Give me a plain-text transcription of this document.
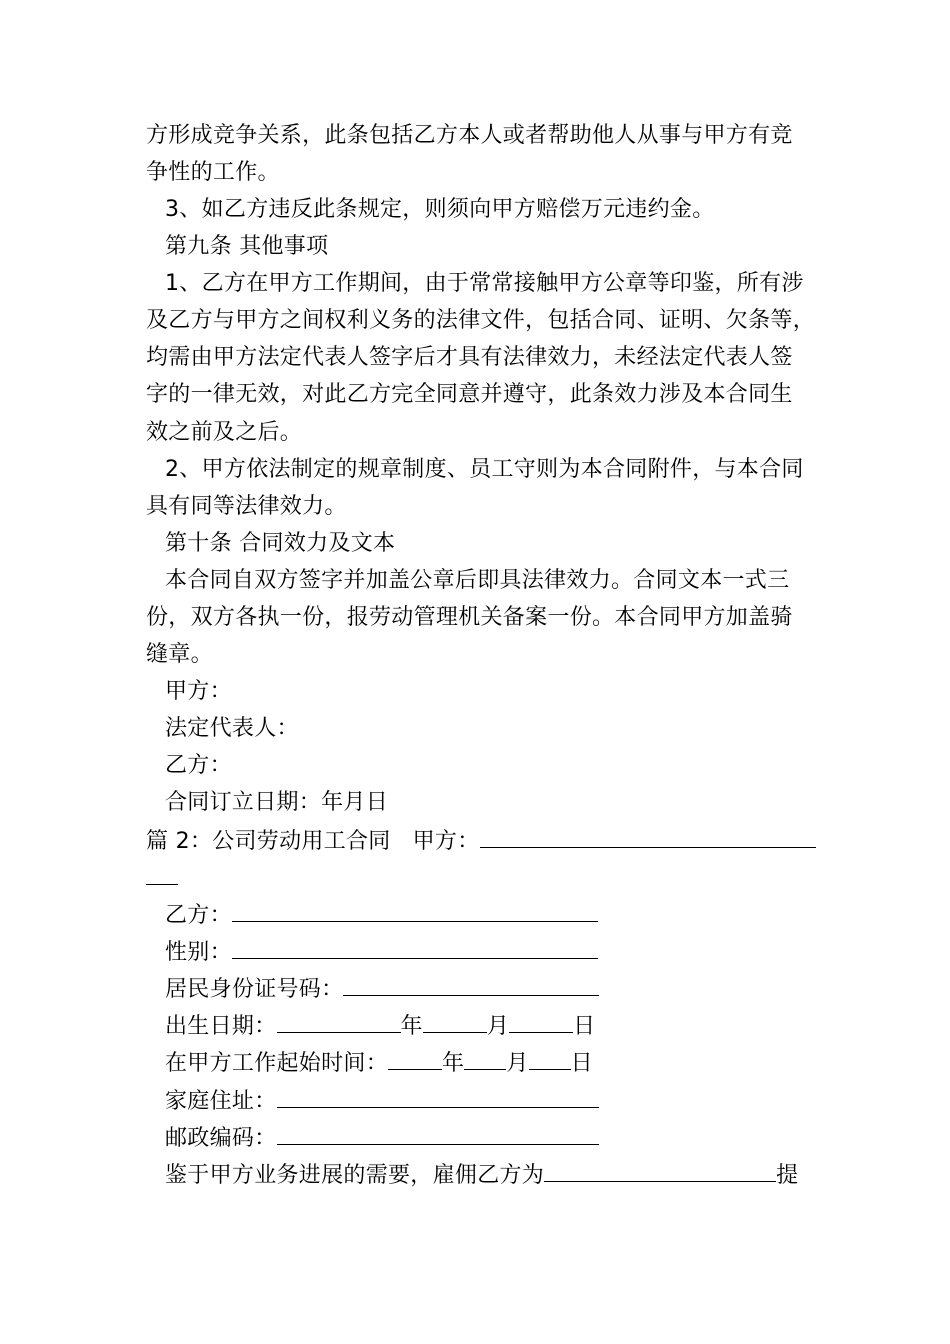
方形成竞争关系，此条包括乙方本人或者帮助他人从事与甲方有竞
争性的工作。
3、如乙方违反此条规定，则须向甲方赔偿万元违约金。
第九条 其他事项
1、乙方在甲方工作期间，由于常常接触甲方公章等印鉴，所有涉
及乙方与甲方之间权利义务的法律文件，包括合同、证明、欠条等，
均需由甲方法定代表人签字后才具有法律效力，未经法定代表人签
字的一律无效，对此乙方完全同意并遵守，此条效力涉及本合同生
效之前及之后。
2、甲方依法制定的规章制度、员工守则为本合同附件，与本合同
具有同等法律效力。
第十条 合同效力及文本
本合同自双方签字并加盖公章后即具法律效力。合同文本一式三
份，双方各执一份，报劳动管理机关备案一份。本合同甲方加盖骑
缝章。
甲方：
法定代表人：
乙方：
合同订立日期：年月日
篇 2：公司劳动用工合同 甲方：
乙方：
性别：
居民身份证号码：
出生日期：	年	月	日
在甲方工作起始时间： 年 月 日
家庭住址：
邮政编码：
鉴于甲方业务进展的需要，雇佣乙方为	提
